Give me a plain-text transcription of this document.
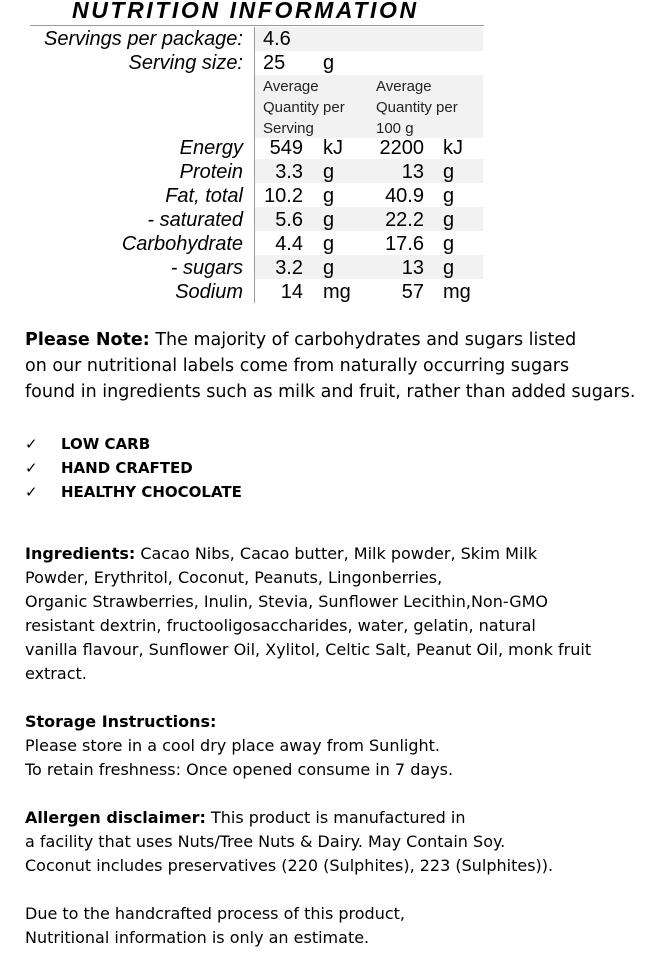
NUTRITION INFORMATION
Servings per package: 4.6
Serving size: 25 g
Average
Quantity per
Serving
Average
Quantity per
100 g
Energy 549 kJ 2200 kJ
Protein 3.3 g	13 g
Fat, total 10.2 g	40.9 g
- saturated 5.6 g	22.2 g
Carbohydrate 4.4 g	17.6 g
- sugars 3.2 g	13 g
Sodium 14 mg	57 mg
Please Note: The majority of carbohydrates and sugars listed
on our nutritional labels come from naturally occurring sugars
found in ingredients such as milk and fruit, rather than added sugars.
✓ LOW CARB
✓ HAND CRAFTED
✓ HEALTHY CHOCOLATE
Ingredients: Cacao Nibs, Cacao butter, Milk powder, Skim Milk
Powder, Erythritol, Coconut, Peanuts, Lingonberries,
Organic Strawberries, Inulin, Stevia, Sunflower Lecithin,Non-GMO
resistant dextrin, fructooligosaccharides, water, gelatin, natural
vanilla flavour, Sunflower Oil, Xylitol, Celtic Salt, Peanut Oil, monk fruit
extract.
Storage Instructions:
Please store in a cool dry place away from Sunlight.
To retain freshness: Once opened consume in 7 days.
Allergen disclaimer: This product is manufactured in
a facility that uses Nuts/Tree Nuts & Dairy. May Contain Soy.
Coconut includes preservatives (220 (Sulphites), 223 (Sulphites)).
Due to the handcrafted process of this product,
Nutritional information is only an estimate.
